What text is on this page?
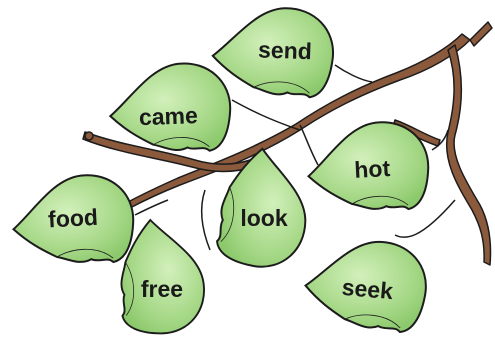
send
came
hot
look
food
free	seek
